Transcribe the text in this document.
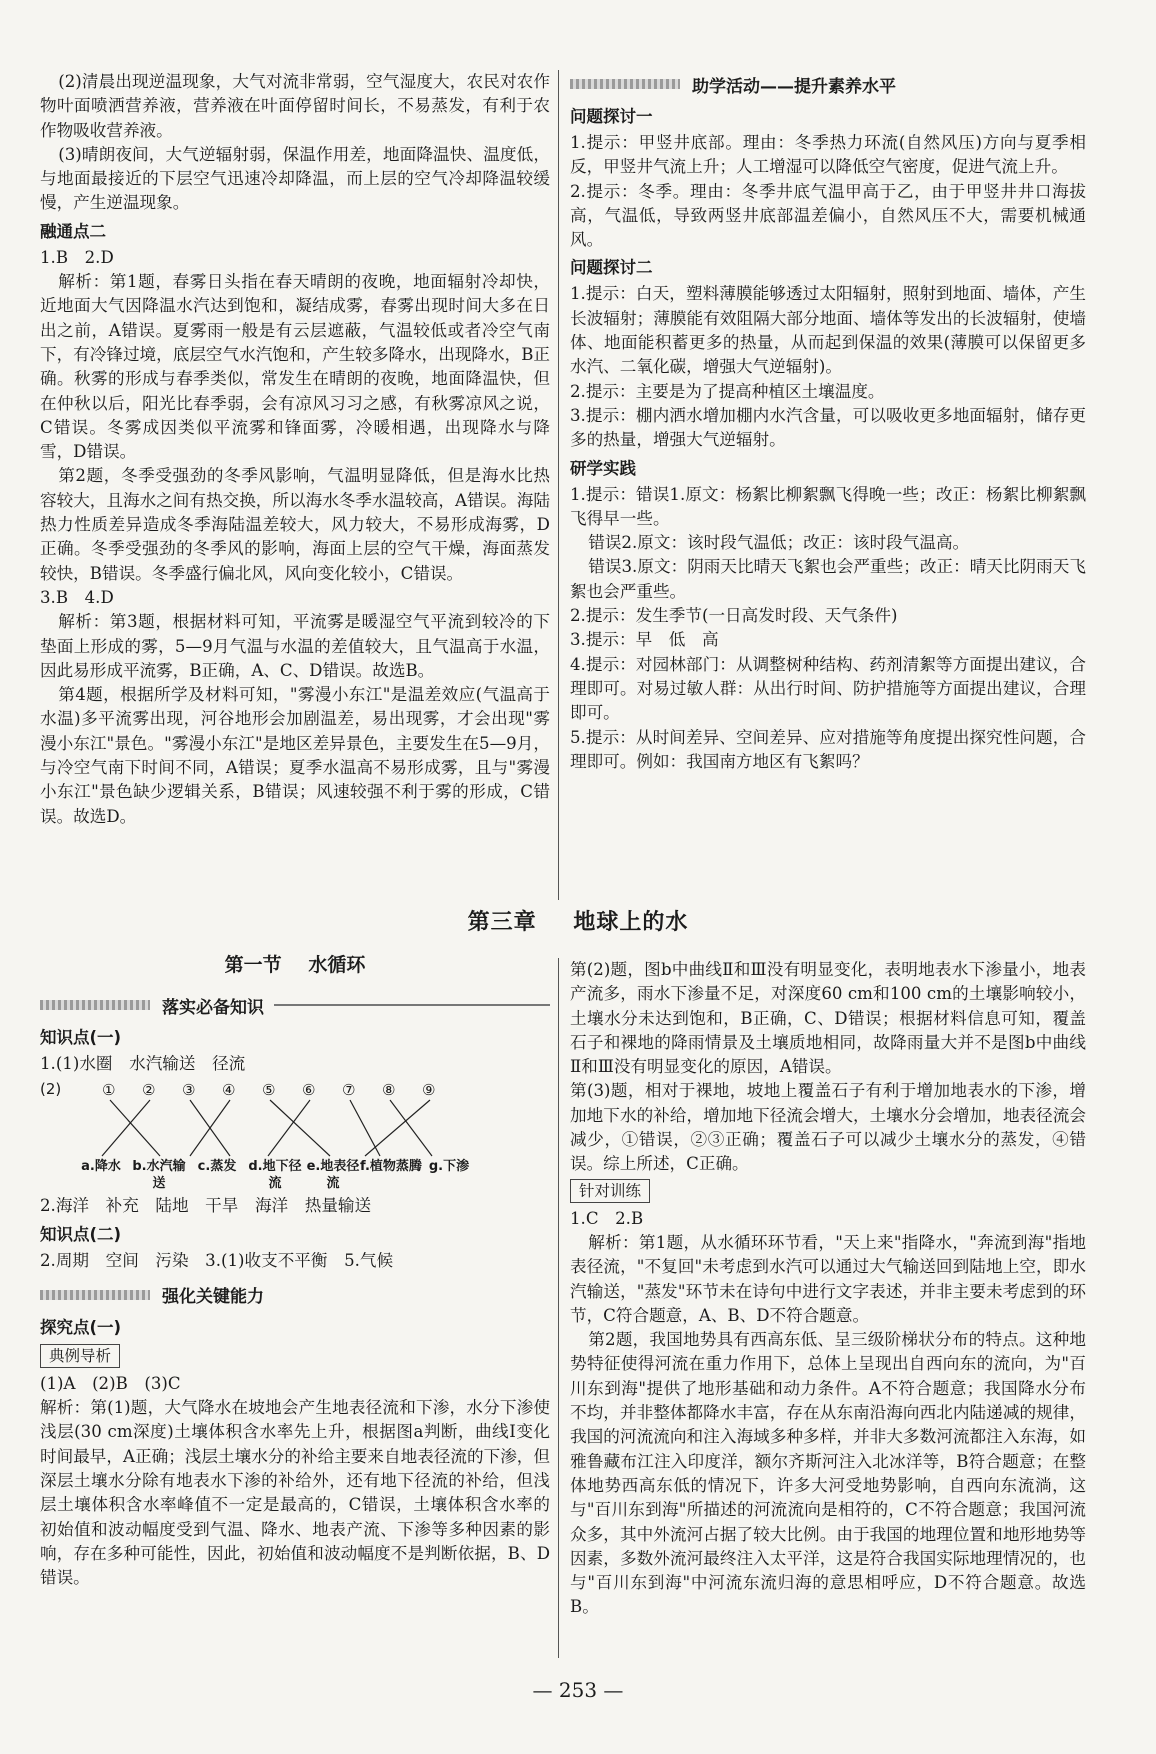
(2)清晨出现逆温现象，大气对流非常弱，空气湿度大，农民对农作物叶面喷洒营养液，营养液在叶面停留时间长，不易蒸发，有利于农作物吸收营养液。

(3)晴朗夜间，大气逆辐射弱，保温作用差，地面降温快、温度低，与地面最接近的下层空气迅速冷却降温，而上层的空气冷却降温较缓慢，产生逆温现象。

融通点二

1.B　2.D

解析：第1题，春雾日头指在春天晴朗的夜晚，地面辐射冷却快，近地面大气因降温水汽达到饱和，凝结成雾，春雾出现时间大多在日出之前，A错误。夏雾雨一般是有云层遮蔽，气温较低或者冷空气南下，有冷锋过境，底层空气水汽饱和，产生较多降水，出现降水，B正确。秋雾的形成与春季类似，常发生在晴朗的夜晚，地面降温快，但在仲秋以后，阳光比春季弱，会有凉风习习之感，有秋雾凉风之说，C错误。冬雾成因类似平流雾和锋面雾，冷暖相遇，出现降水与降雪，D错误。

第2题，冬季受强劲的冬季风影响，气温明显降低，但是海水比热容较大，且海水之间有热交换，所以海水冬季水温较高，A错误。海陆热力性质差异造成冬季海陆温差较大，风力较大，不易形成海雾，D正确。冬季受强劲的冬季风的影响，海面上层的空气干燥，海面蒸发较快，B错误。冬季盛行偏北风，风向变化较小，C错误。

3.B　4.D

解析：第3题，根据材料可知，平流雾是暖湿空气平流到较冷的下垫面上形成的雾，5—9月气温与水温的差值较大，且气温高于水温，因此易形成平流雾，B正确，A、C、D错误。故选B。

第4题，根据所学及材料可知，"雾漫小东江"是温差效应(气温高于水温)多平流雾出现，河谷地形会加剧温差，易出现雾，才会出现"雾漫小东江"景色。"雾漫小东江"是地区差异景色，主要发生在5—9月，与冷空气南下时间不同，A错误；夏季水温高不易形成雾，且与"雾漫小东江"景色缺少逻辑关系，B错误；风速较强不利于雾的形成，C错误。故选D。

助学活动——提升素养水平
问题探讨一

1.提示：甲竖井底部。理由：冬季热力环流(自然风压)方向与夏季相反，甲竖井气流上升；人工增湿可以降低空气密度，促进气流上升。

2.提示：冬季。理由：冬季井底气温甲高于乙，由于甲竖井井口海拔高，气温低，导致两竖井底部温差偏小，自然风压不大，需要机械通风。

问题探讨二

1.提示：白天，塑料薄膜能够透过太阳辐射，照射到地面、墙体，产生长波辐射；薄膜能有效阻隔大部分地面、墙体等发出的长波辐射，使墙体、地面能积蓄更多的热量，从而起到保温的效果(薄膜可以保留更多水汽、二氧化碳，增强大气逆辐射)。

2.提示：主要是为了提高种植区土壤温度。

3.提示：棚内洒水增加棚内水汽含量，可以吸收更多地面辐射，储存更多的热量，增强大气逆辐射。

研学实践

1.提示：错误1.原文：杨絮比柳絮飘飞得晚一些；改正：杨絮比柳絮飘飞得早一些。

错误2.原文：该时段气温低；改正：该时段气温高。

错误3.原文：阴雨天比晴天飞絮也会严重些；改正：晴天比阴雨天飞絮也会严重些。

2.提示：发生季节(一日高发时段、天气条件)

3.提示：早　低　高

4.提示：对园林部门：从调整树种结构、药剂清絮等方面提出建议，合理即可。对易过敏人群：从出行时间、防护措施等方面提出建议，合理即可。

5.提示：从时间差异、空间差异、应对措施等角度提出探究性问题，合理即可。例如：我国南方地区有飞絮吗？

第三章 地球上的水
第一节 水循环
落实必备知识
知识点(一)

1.(1)水圈　水汽输送　径流

(2)	① ② ③ ④ ⑤ ⑥ ⑦ ⑧ ⑨
a.降水 b.水汽输送
c.蒸发 d.地下径流
e.地表径流
f.植物蒸腾 g.下渗

2.海洋　补充　陆地　干旱　海洋　热量输送

知识点(二)

2.周期　空间　污染　3.(1)收支不平衡　5.气候

强化关键能力
探究点(一)
典例导析

(1)A　(2)B　(3)C

解析：第(1)题，大气降水在坡地会产生地表径流和下渗，水分下渗使浅层(30 cm深度)土壤体积含水率先上升，根据图a判断，曲线Ⅰ变化时间最早，A正确；浅层土壤水分的补给主要来自地表径流的下渗，但深层土壤水分除有地表水下渗的补给外，还有地下径流的补给，但浅层土壤体积含水率峰值不一定是最高的，C错误，土壤体积含水率的初始值和波动幅度受到气温、降水、地表产流、下渗等多种因素的影响，存在多种可能性，因此，初始值和波动幅度不是判断依据，B、D错误。

第(2)题，图b中曲线Ⅱ和Ⅲ没有明显变化，表明地表水下渗量小，地表产流多，雨水下渗量不足，对深度60 cm和100 cm的土壤影响较小，土壤水分未达到饱和，B正确，C、D错误；根据材料信息可知，覆盖石子和裸地的降雨情景及土壤质地相同，故降雨量大并不是图b中曲线Ⅱ和Ⅲ没有明显变化的原因，A错误。

第(3)题，相对于裸地，坡地上覆盖石子有利于增加地表水的下渗，增加地下水的补给，增加地下径流会增大，土壤水分会增加，地表径流会减少，①错误，②③正确；覆盖石子可以减少土壤水分的蒸发，④错误。综上所述，C正确。

针对训练

1.C　2.B

解析：第1题，从水循环环节看，"天上来"指降水，"奔流到海"指地表径流，"不复回"未考虑到水汽可以通过大气输送回到陆地上空，即水汽输送，"蒸发"环节未在诗句中进行文字表述，并非主要未考虑到的环节，C符合题意，A、B、D不符合题意。

第2题，我国地势具有西高东低、呈三级阶梯状分布的特点。这种地势特征使得河流在重力作用下，总体上呈现出自西向东的流向，为"百川东到海"提供了地形基础和动力条件。A不符合题意；我国降水分布不均，并非整体都降水丰富，存在从东南沿海向西北内陆递减的规律，我国的河流流向和注入海域多种多样，并非大多数河流都注入东海，如雅鲁藏布江注入印度洋，额尔齐斯河注入北冰洋等，B符合题意；在整体地势西高东低的情况下，许多大河受地势影响，自西向东流淌，这与"百川东到海"所描述的河流流向是相符的，C不符合题意；我国河流众多，其中外流河占据了较大比例。由于我国的地理位置和地形地势等因素，多数外流河最终注入太平洋，这是符合我国实际地理情况的，也与"百川东到海"中河流东流归海的意思相呼应，D不符合题意。故选B。

— 253 —
